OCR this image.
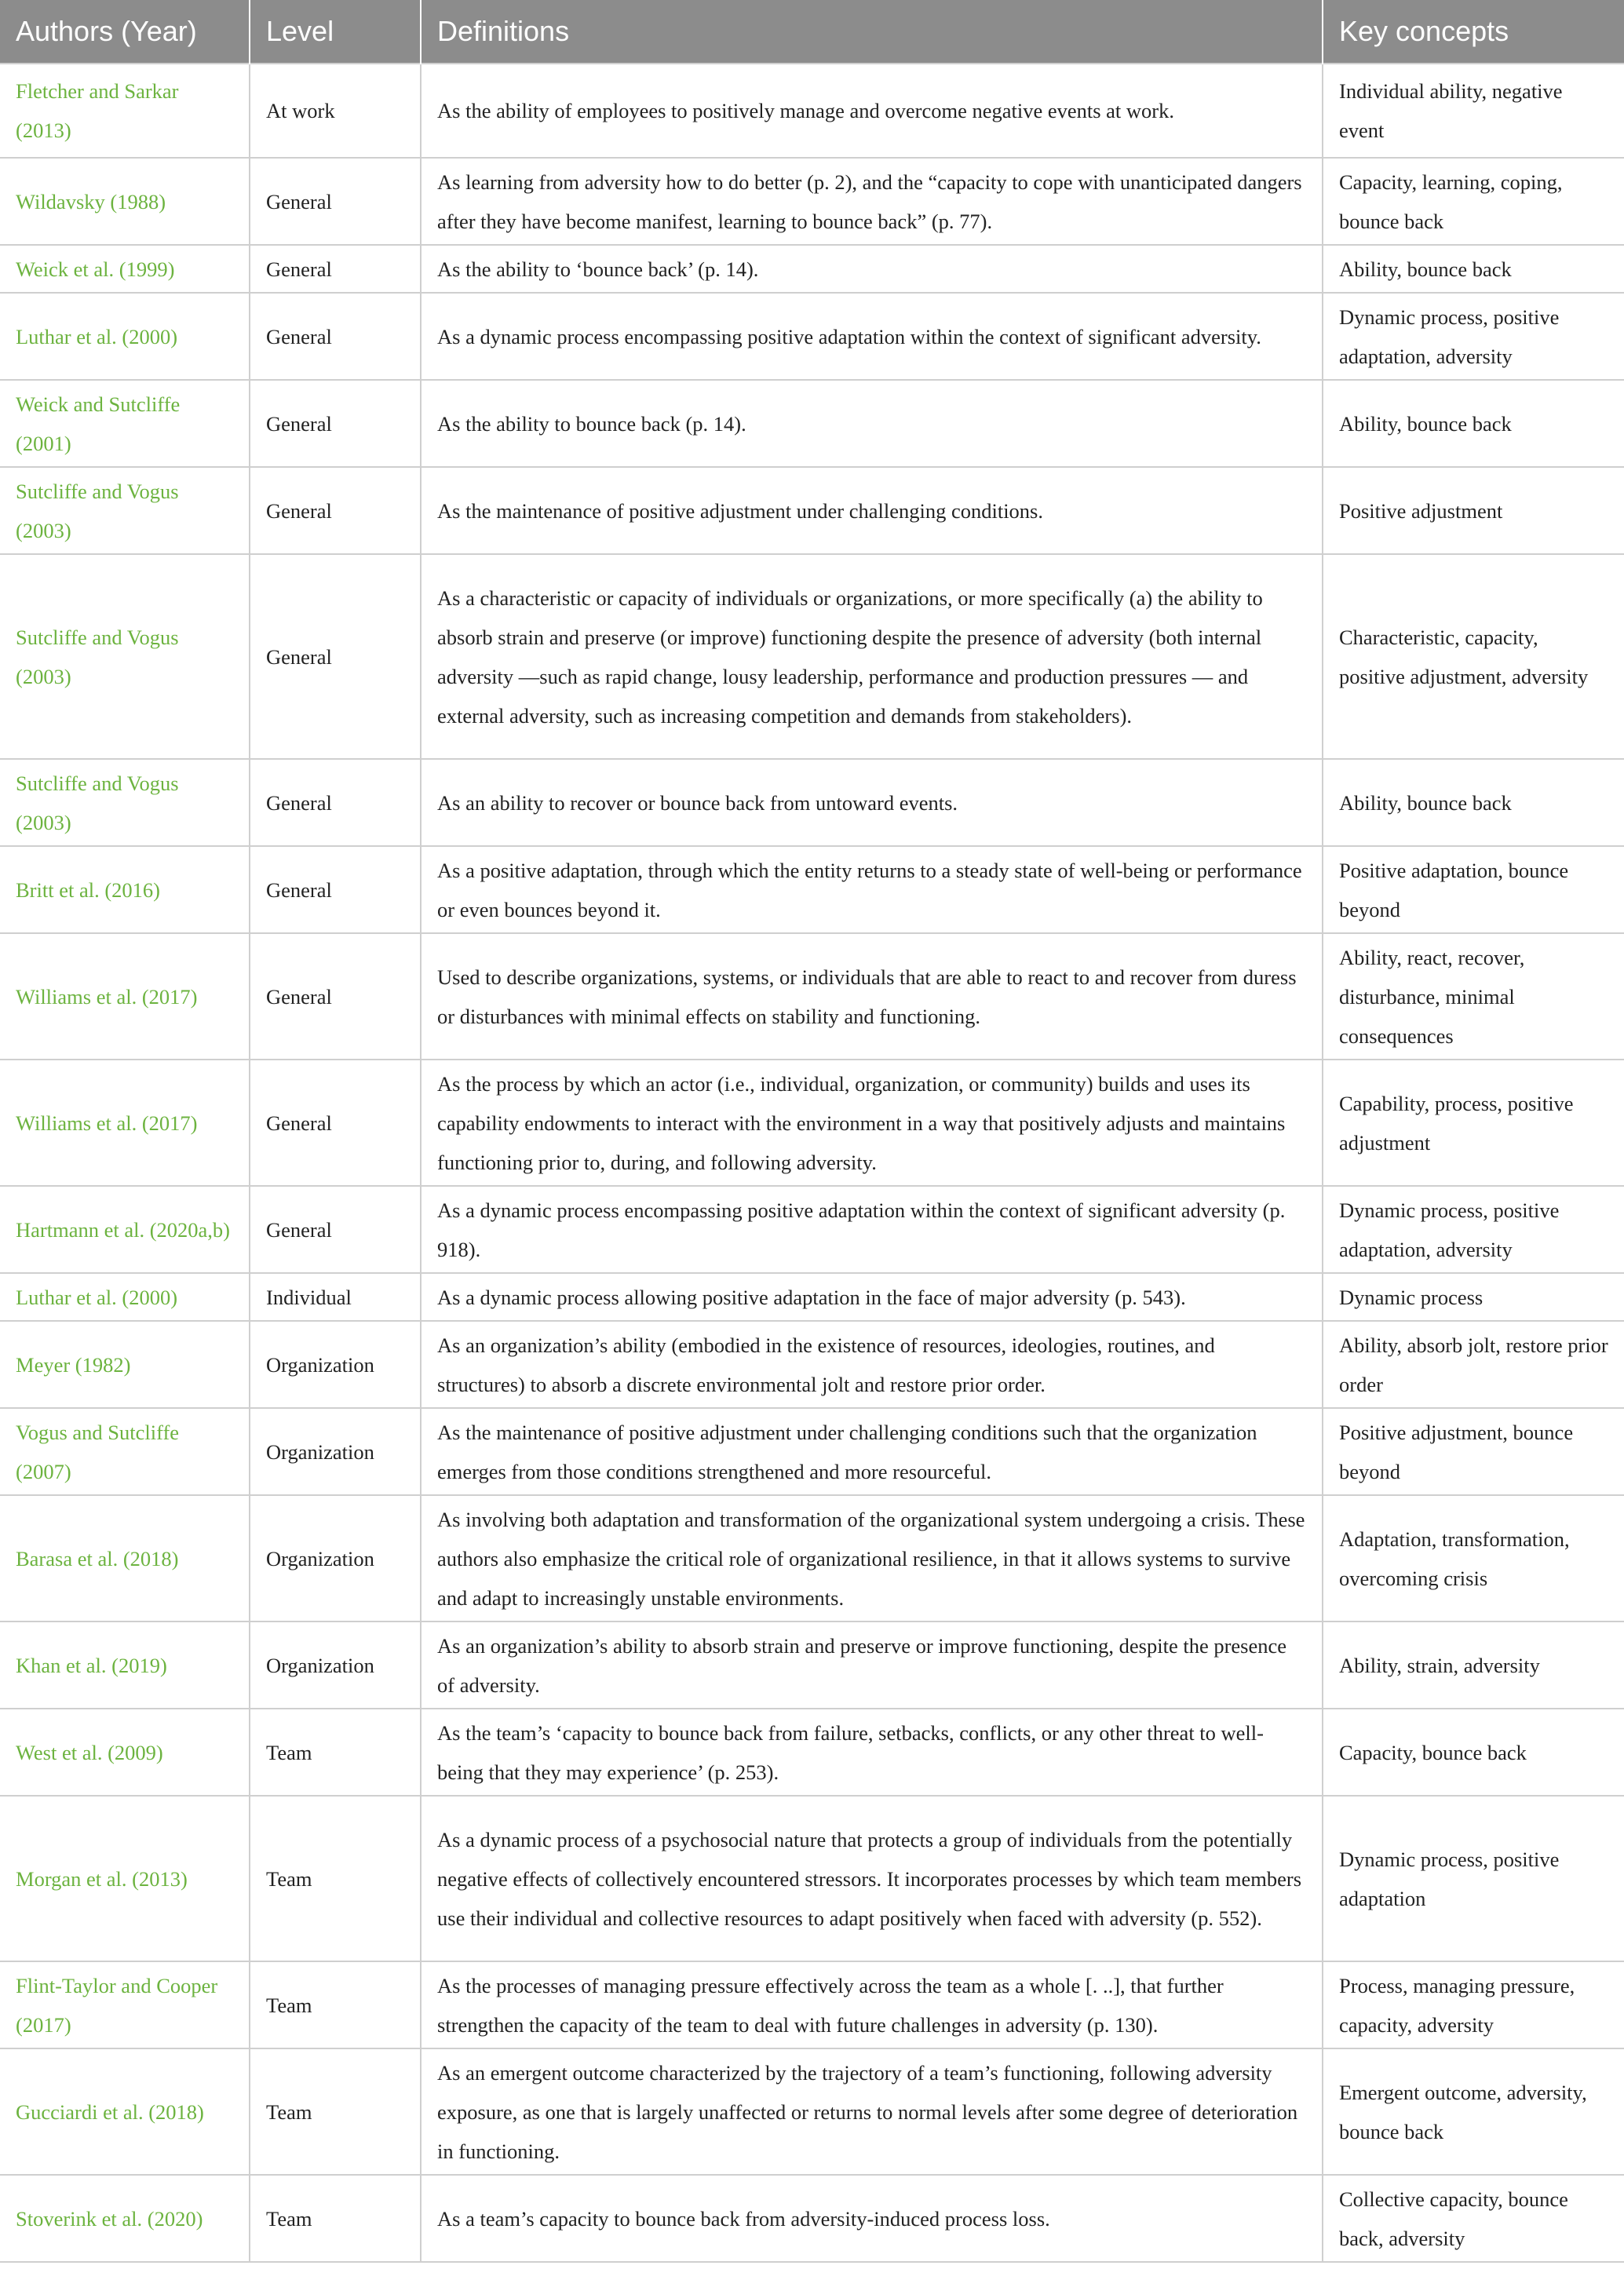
Authors (Year)	Level	Definitions	Key concepts
Fletcher and Sarkar (2013)	At work	As the ability of employees to positively manage and overcome negative events at work.	Individual ability, negative event
Wildavsky (1988)	General	As learning from adversity how to do better (p. 2), and the “capacity to cope with unanticipated dangers after they have become manifest, learning to bounce back” (p. 77).	Capacity, learning, coping, bounce back
Weick et al. (1999)	General	As the ability to ‘bounce back’ (p. 14).	Ability, bounce back
Luthar et al. (2000)	General	As a dynamic process encompassing positive adaptation within the context of significant adversity.	Dynamic process, positive adaptation, adversity
Weick and Sutcliffe (2001)	General	As the ability to bounce back (p. 14).	Ability, bounce back
Sutcliffe and Vogus (2003)	General	As the maintenance of positive adjustment under challenging conditions.	Positive adjustment
Sutcliffe and Vogus (2003)	General	As a characteristic or capacity of individuals or organizations, or more specifically (a) the ability to absorb strain and preserve (or improve) functioning despite the presence of adversity (both internal adversity —such as rapid change, lousy leadership, performance and production pressures — and external adversity, such as increasing competition and demands from stakeholders).	Characteristic, capacity, positive adjustment, adversity
Sutcliffe and Vogus (2003)	General	As an ability to recover or bounce back from untoward events.	Ability, bounce back
Britt et al. (2016)	General	As a positive adaptation, through which the entity returns to a steady state of well-being or performance or even bounces beyond it.	Positive adaptation, bounce beyond
Williams et al. (2017)	General	Used to describe organizations, systems, or individuals that are able to react to and recover from duress or disturbances with minimal effects on stability and functioning.	Ability, react, recover, disturbance, minimal consequences
Williams et al. (2017)	General	As the process by which an actor (i.e., individual, organization, or community) builds and uses its capability endowments to interact with the environment in a way that positively adjusts and maintains functioning prior to, during, and following adversity.	Capability, process, positive adjustment
Hartmann et al. (2020a,b)	General	As a dynamic process encompassing positive adaptation within the context of significant adversity (p. 918).	Dynamic process, positive adaptation, adversity
Luthar et al. (2000)	Individual	As a dynamic process allowing positive adaptation in the face of major adversity (p. 543).	Dynamic process
Meyer (1982)	Organization	As an organization’s ability (embodied in the existence of resources, ideologies, routines, and structures) to absorb a discrete environmental jolt and restore prior order.	Ability, absorb jolt, restore prior order
Vogus and Sutcliffe (2007)	Organization	As the maintenance of positive adjustment under challenging conditions such that the organization emerges from those conditions strengthened and more resourceful.	Positive adjustment, bounce beyond
Barasa et al. (2018)	Organization	As involving both adaptation and transformation of the organizational system undergoing a crisis. These authors also emphasize the critical role of organizational resilience, in that it allows systems to survive and adapt to increasingly unstable environments.	Adaptation, transformation, overcoming crisis
Khan et al. (2019)	Organization	As an organization’s ability to absorb strain and preserve or improve functioning, despite the presence of adversity.	Ability, strain, adversity
West et al. (2009)	Team	As the team’s ‘capacity to bounce back from failure, setbacks, conflicts, or any other threat to well-being that they may experience’ (p. 253).	Capacity, bounce back
Morgan et al. (2013)	Team	As a dynamic process of a psychosocial nature that protects a group of individuals from the potentially negative effects of collectively encountered stressors. It incorporates processes by which team members use their individual and collective resources to adapt positively when faced with adversity (p. 552).	Dynamic process, positive adaptation
Flint-Taylor and Cooper (2017)	Team	As the processes of managing pressure effectively across the team as a whole [. ..], that further strengthen the capacity of the team to deal with future challenges in adversity (p. 130).	Process, managing pressure, capacity, adversity
Gucciardi et al. (2018)	Team	As an emergent outcome characterized by the trajectory of a team’s functioning, following adversity exposure, as one that is largely unaffected or returns to normal levels after some degree of deterioration in functioning.	Emergent outcome, adversity, bounce back
Stoverink et al. (2020)	Team	As a team’s capacity to bounce back from adversity-induced process loss.	Collective capacity, bounce back, adversity
